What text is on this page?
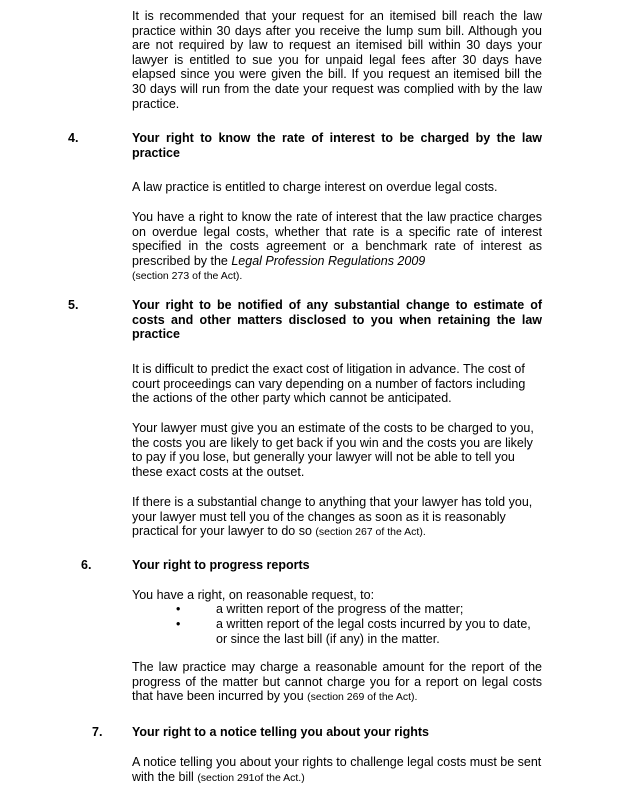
It is recommended that your request for an itemised bill reach the law practice within 30 days after you receive the lump sum bill. Although you are not required by law to request an itemised bill within 30 days your lawyer is entitled to sue you for unpaid legal fees after 30 days have elapsed since you were given the bill. If you request an itemised bill the 30 days will run from the date your request was complied with by the law practice.

4.	Your right to know the rate of interest to be charged by the law practice

A law practice is entitled to charge interest on overdue legal costs.

You have a right to know the rate of interest that the law practice charges on overdue legal costs, whether that rate is a specific rate of interest specified in the costs agreement or a benchmark rate of interest as prescribed by the Legal Profession Regulations 2009
(section 273 of the Act).

5.	Your right to be notified of any substantial change to estimate of costs and other matters disclosed to you when retaining the law practice

It is difficult to predict the exact cost of litigation in advance. The cost of court proceedings can vary depending on a number of factors including the actions of the other party which cannot be anticipated.

Your lawyer must give you an estimate of the costs to be charged to you, the costs you are likely to get back if you win and the costs you are likely to pay if you lose, but generally your lawyer will not be able to tell you these exact costs at the outset.

If there is a substantial change to anything that your lawyer has told you, your lawyer must tell you of the changes as soon as it is reasonably practical for your lawyer to do so (section 267 of the Act).

6.	Your right to progress reports

You have a right, on reasonable request, to:

•	a written report of the progress of the matter;

•	a written report of the legal costs incurred by you to date, or since the last bill (if any) in the matter.

The law practice may charge a reasonable amount for the report of the progress of the matter but cannot charge you for a report on legal costs that have been incurred by you (section 269 of the Act).

7. Your right to a notice telling you about your rights

A notice telling you about your rights to challenge legal costs must be sent with the bill (section 291of the Act.)
